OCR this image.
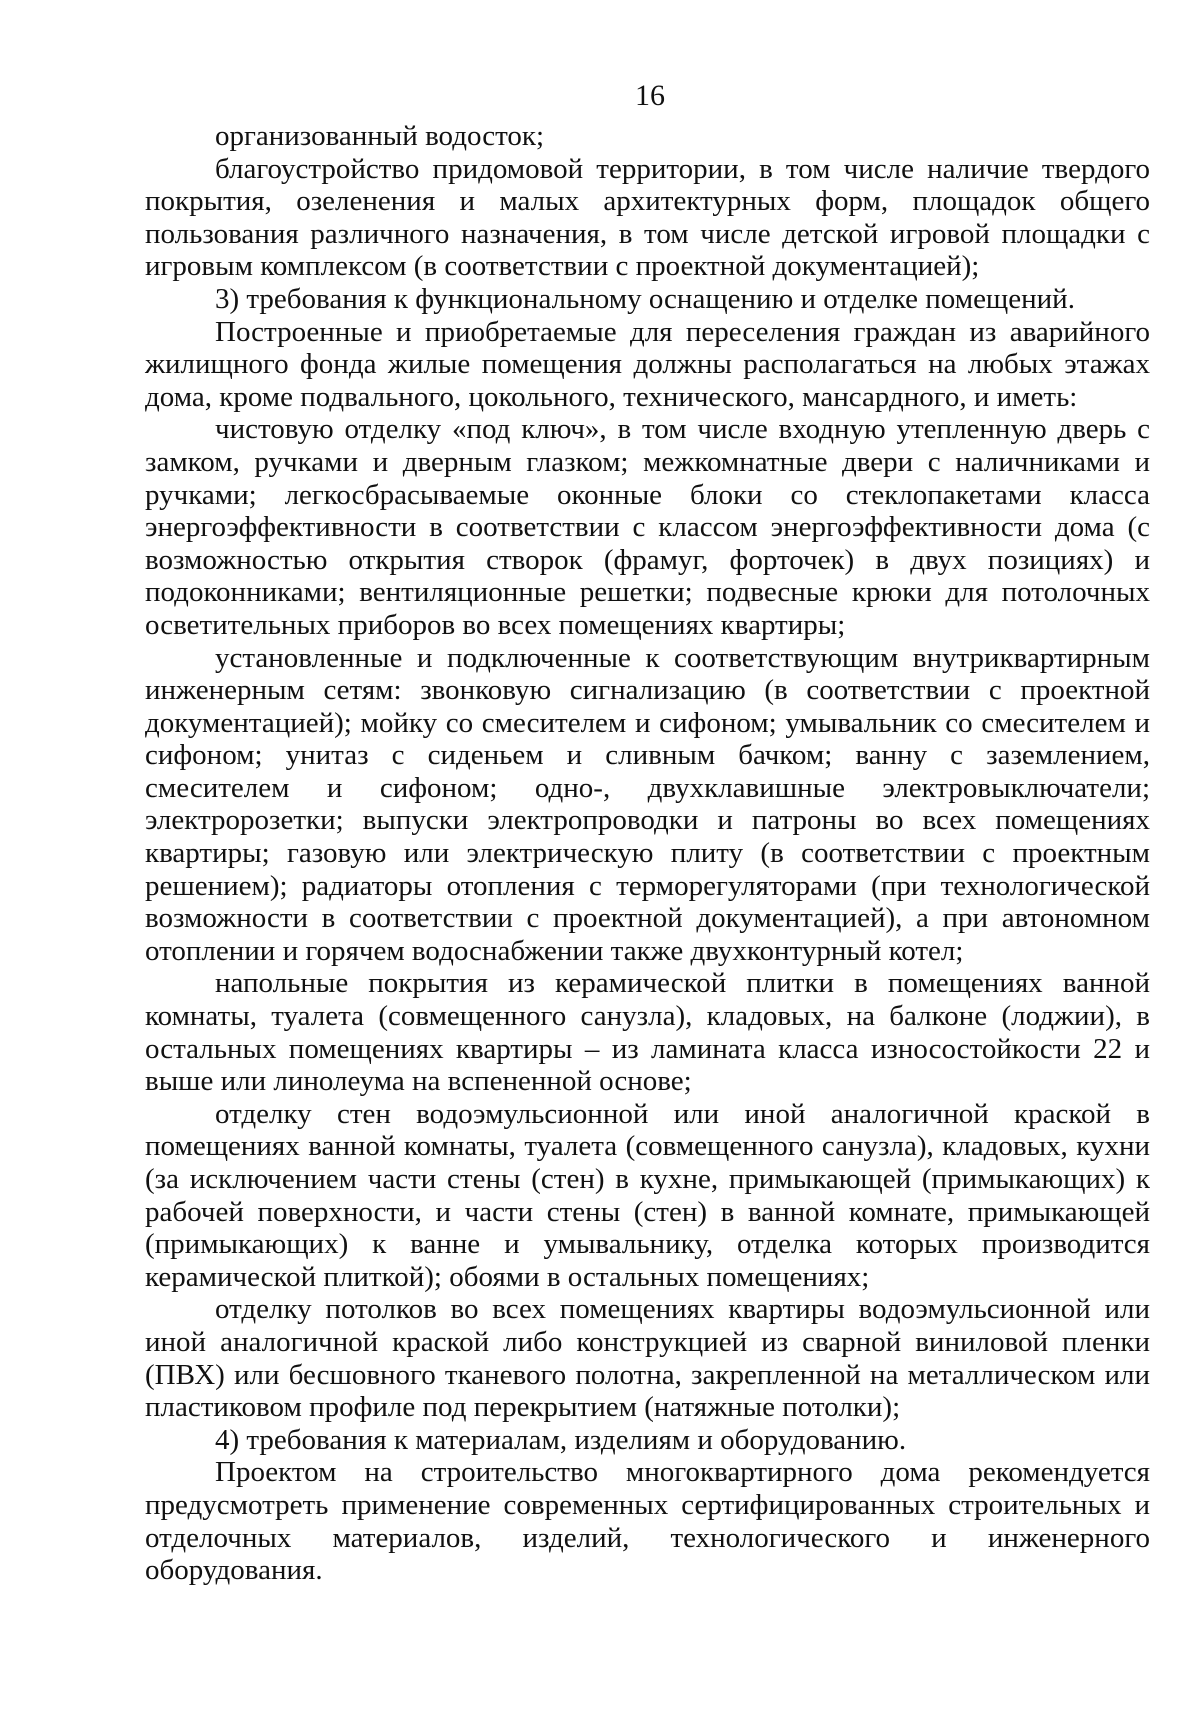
16

организованный водосток;

благоустройство придомовой территории, в том числе наличие твердого покрытия, озеленения и малых архитектурных форм, площадок общего пользования различного назначения, в том числе детской игровой площадки с игровым комплексом (в соответствии с проектной документацией);

3) требования к функциональному оснащению и отделке помещений.

Построенные и приобретаемые для переселения граждан из аварийного жилищного фонда жилые помещения должны располагаться на любых этажах дома, кроме подвального, цокольного, технического, мансардного, и иметь:

чистовую отделку «под ключ», в том числе входную утепленную дверь с замком, ручками и дверным глазком; межкомнатные двери с наличниками и ручками; легкосбрасываемые оконные блоки со стеклопакетами класса энергоэффективности в соответствии с классом энергоэффективности дома (с возможностью открытия створок (фрамуг, форточек) в двух позициях) и подоконниками; вентиляционные решетки; подвесные крюки для потолочных осветительных приборов во всех помещениях квартиры;

установленные и подключенные к соответствующим внутриквартирным инженерным сетям: звонковую сигнализацию (в соответствии с проектной документацией); мойку со смесителем и сифоном; умывальник со смесителем и сифоном; унитаз с сиденьем и сливным бачком; ванну с заземлением, смесителем и сифоном; одно-, двухклавишные электровыключатели; электророзетки; выпуски электропроводки и патроны во всех помещениях квартиры; газовую или электрическую плиту (в соответствии с проектным решением); радиаторы отопления с терморегуляторами (при технологической возможности в соответствии с проектной документацией), а при автономном отоплении и горячем водоснабжении также двухконтурный котел;

напольные покрытия из керамической плитки в помещениях ванной комнаты, туалета (совмещенного санузла), кладовых, на балконе (лоджии), в остальных помещениях квартиры – из ламината класса износостойкости 22 и выше или линолеума на вспененной основе;

отделку стен водоэмульсионной или иной аналогичной краской в помещениях ванной комнаты, туалета (совмещенного санузла), кладовых, кухни (за исключением части стены (стен) в кухне, примыкающей (примыкающих) к рабочей поверхности, и части стены (стен) в ванной комнате, примыкающей (примыкающих) к ванне и умывальнику, отделка которых производится керамической плиткой); обоями в остальных помещениях;

отделку потолков во всех помещениях квартиры водоэмульсионной или иной аналогичной краской либо конструкцией из сварной виниловой пленки (ПВХ) или бесшовного тканевого полотна, закрепленной на металлическом или пластиковом профиле под перекрытием (натяжные потолки);

4) требования к материалам, изделиям и оборудованию.

Проектом на строительство многоквартирного дома рекомендуется предусмотреть применение современных сертифицированных строительных и отделочных материалов, изделий, технологического и инженерного оборудования.
